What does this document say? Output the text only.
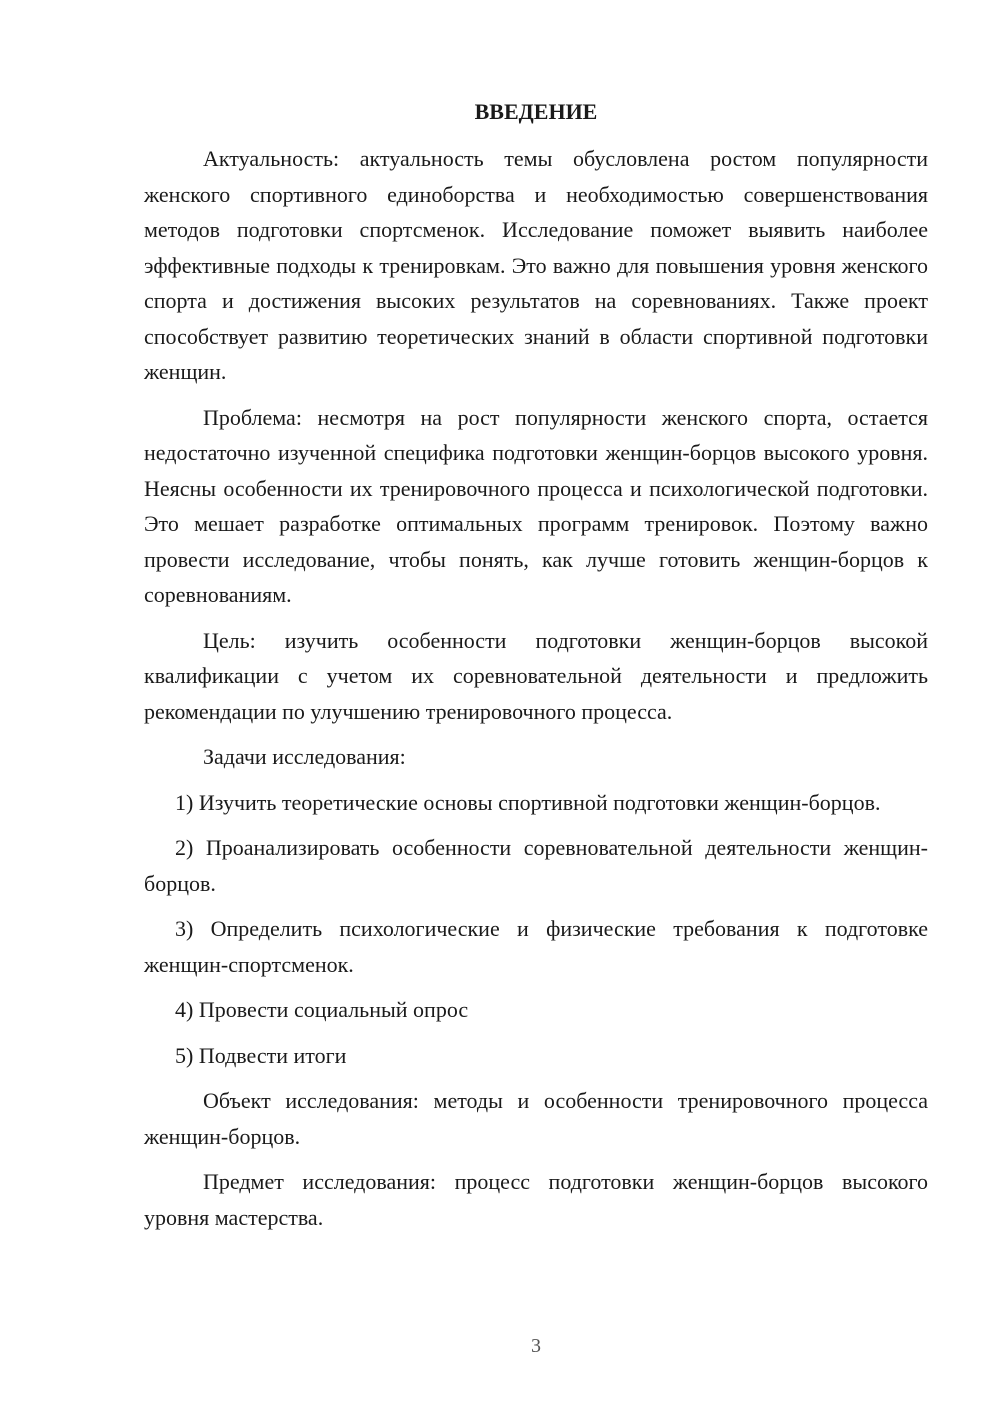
ВВЕДЕНИЕ

Актуальность: актуальность темы обусловлена ростом популярности женского спортивного единоборства и необходимостью совершенствования методов подготовки спортсменок. Исследование поможет выявить наиболее эффективные подходы к тренировкам. Это важно для повышения уровня женского спорта и достижения высоких результатов на соревнованиях. Также проект способствует развитию теоретических знаний в области спортивной подготовки женщин.

Проблема: несмотря на рост популярности женского спорта, остается недостаточно изученной специфика подготовки женщин-борцов высокого уровня. Неясны особенности их тренировочного процесса и психологической подготовки. Это мешает разработке оптимальных программ тренировок. Поэтому важно провести исследование, чтобы понять, как лучше готовить женщин-борцов к соревнованиям.

Цель: изучить особенности подготовки женщин-борцов высокой квалификации с учетом их соревновательной деятельности и предложить рекомендации по улучшению тренировочного процесса.

Задачи исследования:

1) Изучить теоретические основы спортивной подготовки женщин-борцов.

2) Проанализировать особенности соревновательной деятельности женщин-борцов.

3) Определить психологические и физические требования к подготовке женщин-спортсменок.

4) Провести социальный опрос

5) Подвести итоги

Объект исследования: методы и особенности тренировочного процесса женщин-борцов.

Предмет исследования: процесс подготовки женщин-борцов высокого уровня мастерства.

3
